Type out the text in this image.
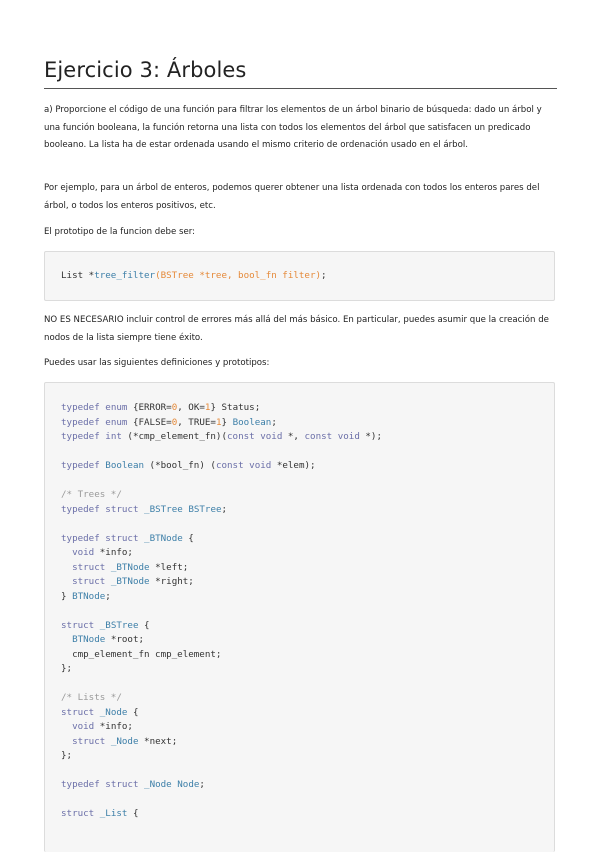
Ejercicio 3: Árboles

a) Proporcione el código de una función para filtrar los elementos de un árbol binario de búsqueda: dado un árbol y una función booleana, la función retorna una lista con todos los elementos del árbol que satisfacen un predicado booleano. La lista ha de estar ordenada usando el mismo criterio de ordenación usado en el árbol.

Por ejemplo, para un árbol de enteros, podemos querer obtener una lista ordenada con todos los enteros pares del árbol, o todos los enteros positivos, etc.

El prototipo de la funcion debe ser:

List *tree_filter(BSTree *tree, bool_fn filter);

NO ES NECESARIO incluir control de errores más allá del más básico. En particular, puedes asumir que la creación de nodos de la lista siempre tiene éxito.

Puedes usar las siguientes definiciones y prototipos:

typedef enum {ERROR=0, OK=1} Status;
typedef enum {FALSE=0, TRUE=1} Boolean;
typedef int (*cmp_element_fn)(const void *, const void *);

typedef Boolean (*bool_fn) (const void *elem);

/* Trees */
typedef struct _BSTree BSTree;

typedef struct _BTNode {
void *info;
struct _BTNode *left;
struct _BTNode *right;
} BTNode;

struct _BSTree {
BTNode *root;
cmp_element_fn cmp_element;
};

/* Lists */
struct _Node {
void *info;
struct _Node *next;
};

typedef struct _Node Node;

struct _List {
